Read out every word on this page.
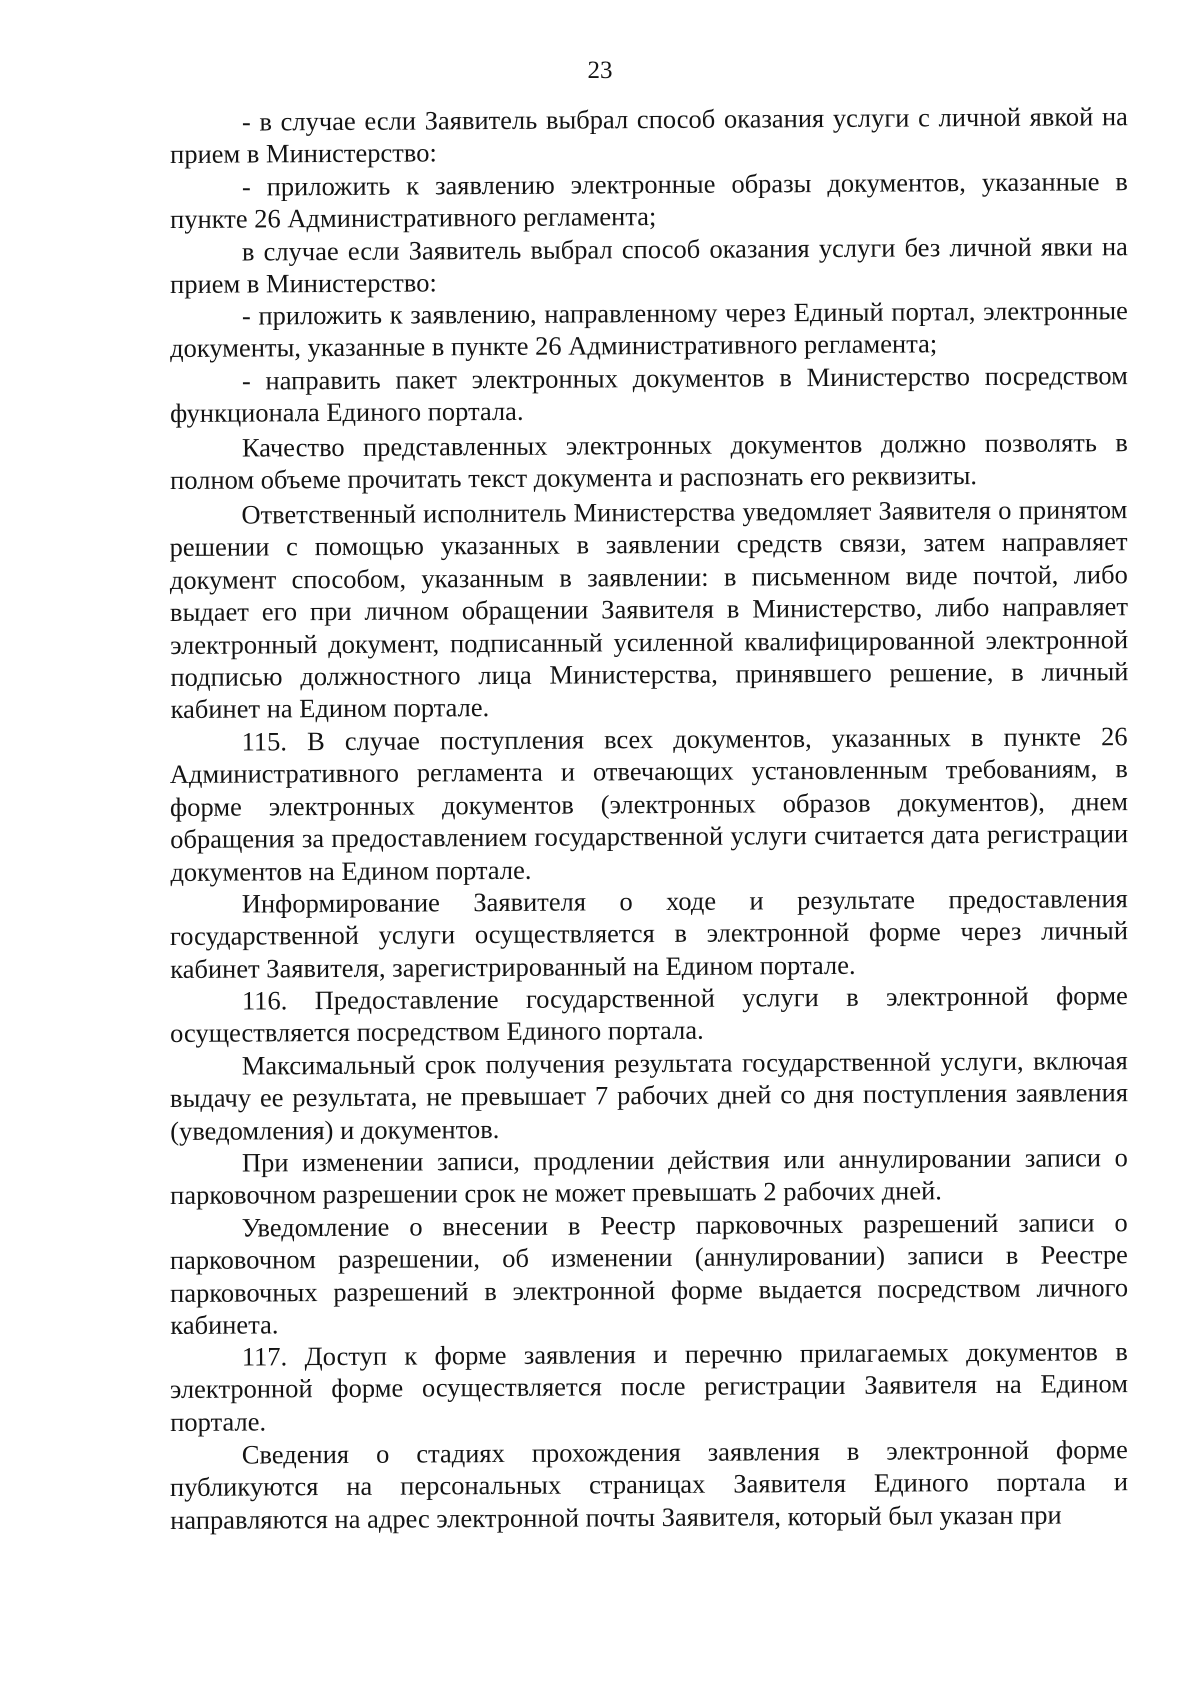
23

- в случае если Заявитель выбрал способ оказания услуги с личной явкой на прием в Министерство:

- приложить к заявлению электронные образы документов, указанные в пункте 26 Административного регламента;

в случае если Заявитель выбрал способ оказания услуги без личной явки на прием в Министерство:

- приложить к заявлению, направленному через Единый портал, электронные документы, указанные в пункте 26 Административного регламента;

- направить пакет электронных документов в Министерство посредством функционала Единого портала.

Качество представленных электронных документов должно позволять в полном объеме прочитать текст документа и распознать его реквизиты.

Ответственный исполнитель Министерства уведомляет Заявителя о принятом решении с помощью указанных в заявлении средств связи, затем направляет документ способом, указанным в заявлении: в письменном виде почтой, либо выдает его при личном обращении Заявителя в Министерство, либо направляет электронный документ, подписанный усиленной квалифицированной электронной подписью должностного лица Министерства, принявшего решение, в личный кабинет на Едином портале.

115. В случае поступления всех документов, указанных в пункте 26 Административного регламента и отвечающих установленным требованиям, в форме электронных документов (электронных образов документов), днем обращения за предоставлением государственной услуги считается дата регистрации документов на Едином портале.

Информирование Заявителя о ходе и результате предоставления государственной услуги осуществляется в электронной форме через личный кабинет Заявителя, зарегистрированный на Едином портале.

116. Предоставление государственной услуги в электронной форме осуществляется посредством Единого портала.

Максимальный срок получения результата государственной услуги, включая выдачу ее результата, не превышает 7 рабочих дней со дня поступления заявления (уведомления) и документов.

При изменении записи, продлении действия или аннулировании записи о парковочном разрешении срок не может превышать 2 рабочих дней.

Уведомление о внесении в Реестр парковочных разрешений записи о парковочном разрешении, об изменении (аннулировании) записи в Реестре парковочных разрешений в электронной форме выдается посредством личного кабинета.

117. Доступ к форме заявления и перечню прилагаемых документов в электронной форме осуществляется после регистрации Заявителя на Едином портале.

Сведения о стадиях прохождения заявления в электронной форме публикуются на персональных страницах Заявителя Единого портала и направляются на адрес электронной почты Заявителя, который был указан при
